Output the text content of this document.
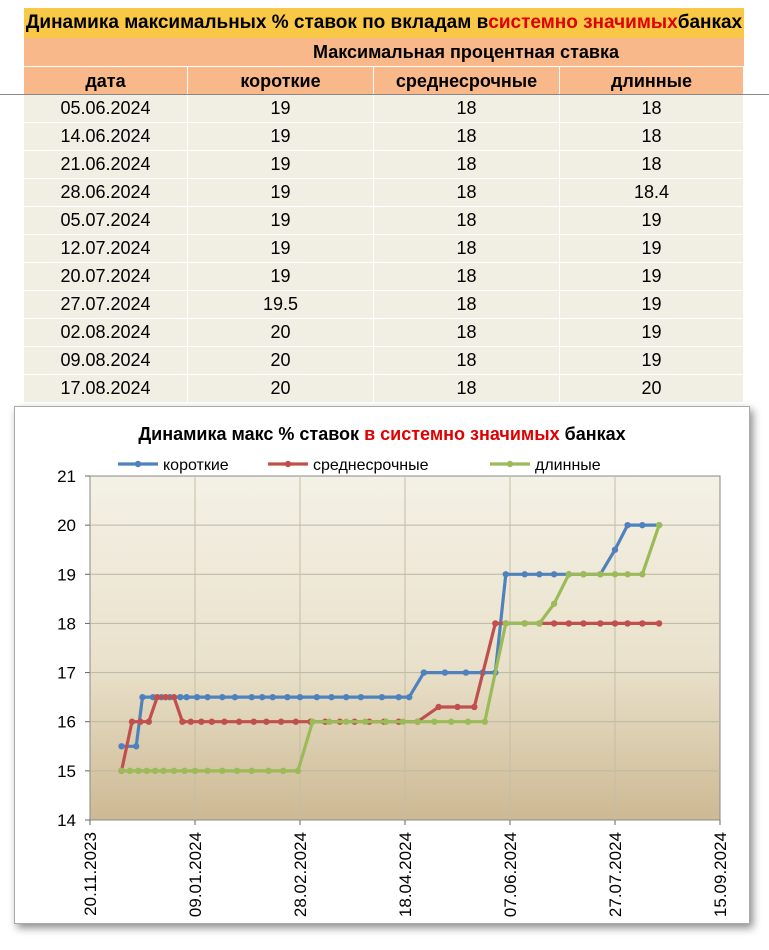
Динамика максимальных % ставок по вкладам в системно значимых банках
Максимальная процентная ставка
дата	короткие	среднесрочные	длинные
05.06.2024	19	18	18
14.06.2024	19	18	18
21.06.2024	19	18	18
28.06.2024	19	18	18.4
05.07.2024	19	18	19
12.07.2024	19	18	19
20.07.2024	19	18	19
27.07.2024	19.5	18	19
02.08.2024	20	18	19
09.08.2024	20	18	19
17.08.2024	20	18	20
14
15
16
17
18
19
20
21
20.11.2023	09.01.2024	28.02.2024	18.04.2024	07.06.2024	27.07.2024	15.09.2024
Динамика макс % ставок в системно значимых банках
короткие	среднесрочные	длинные
